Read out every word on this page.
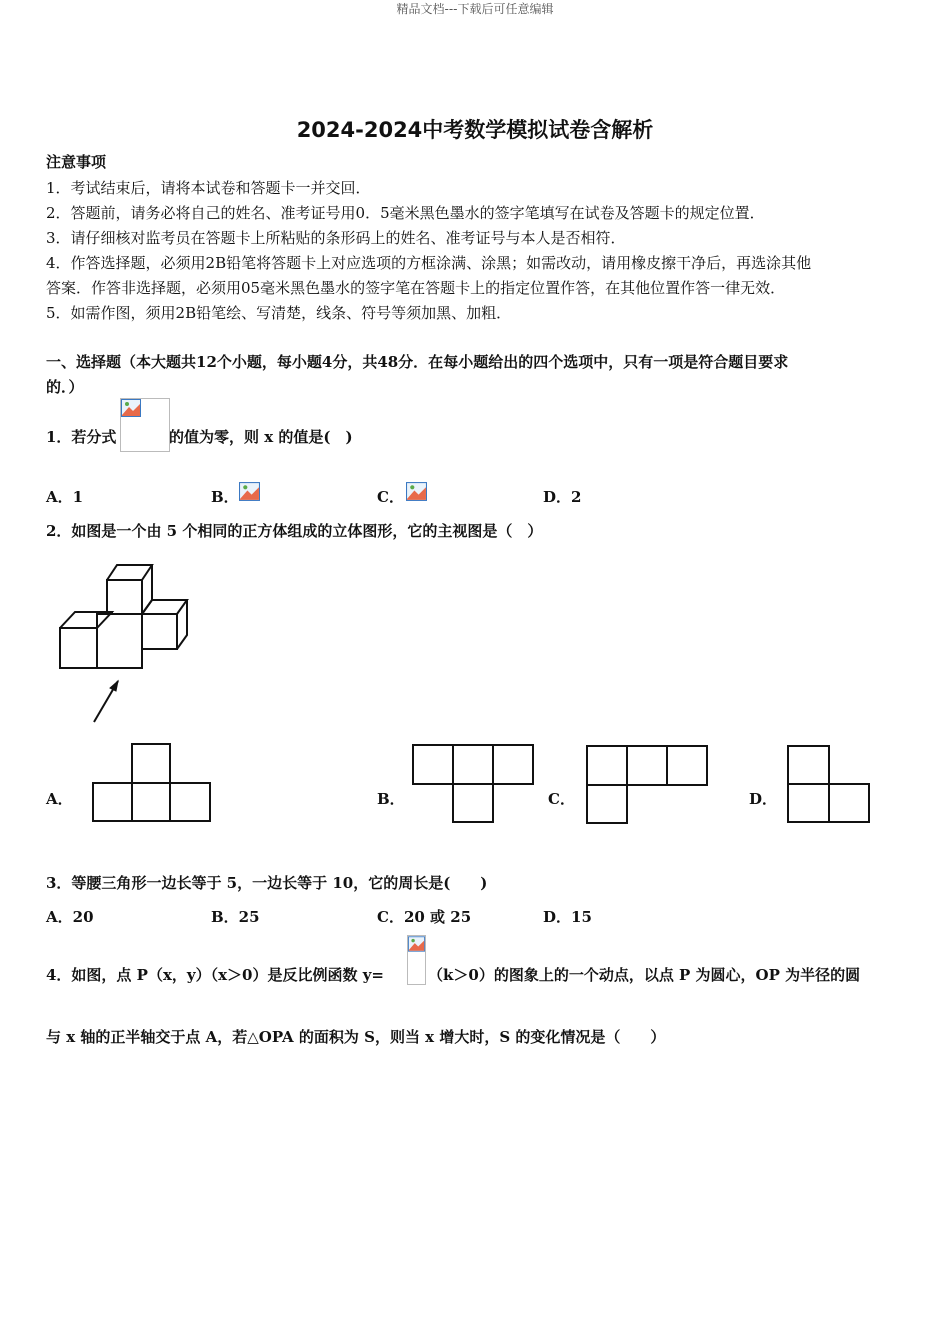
精品文档---下载后可任意编辑
2024-2024中考数学模拟试卷含解析
注意事项
1．考试结束后，请将本试卷和答题卡一并交回．
2．答题前，请务必将自己的姓名、准考证号用0．5毫米黑色墨水的签字笔填写在试卷及答题卡的规定位置．
3．请仔细核对监考员在答题卡上所粘贴的条形码上的姓名、准考证号与本人是否相符．
4．作答选择题，必须用2B铅笔将答题卡上对应选项的方框涂满、涂黑；如需改动，请用橡皮擦干净后，再选涂其他
答案．作答非选择题，必须用05毫米黑色墨水的签字笔在答题卡上的指定位置作答，在其他位置作答一律无效．
5．如需作图，须用2B铅笔绘、写清楚，线条、符号等须加黑、加粗．
一、选择题（本大题共12个小题，每小题4分，共48分．在每小题给出的四个选项中，只有一项是符合题目要求
的．）
1．若分式	的值为零，则 x 的值是(　)
A．1	B．	C．	D．2
2．如图是一个由 5 个相同的正方体组成的立体图形，它的主视图是（　）
A．	B．	C．	D．
3．等腰三角形一边长等于 5，一边长等于 10，它的周长是(　　)
A．20	B．25	C．20 或 25	D．15
4．如图，点 P（x，y）（x＞0）是反比例函数 y=	（k＞0）的图象上的一个动点，以点 P 为圆心，OP 为半径的圆
与 x 轴的正半轴交于点 A，若△OPA 的面积为 S，则当 x 增大时，S 的变化情况是（　　）
